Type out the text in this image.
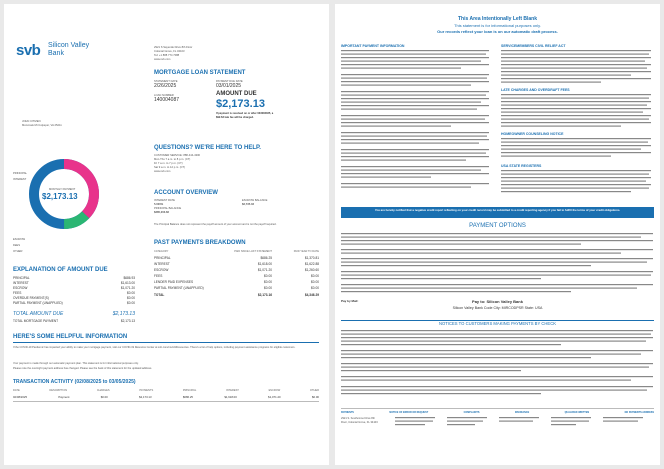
svb Silicon Valley
Bank
2921 S Sayende Drive 8th Floor
Colonial Grove, FL 34103
Tel: +1 888 774 7088
www.svb.com
MORTGAGE LOAN STATEMENT
STATEMENT DATE
2/26/2025
LOAN NUMBER
140004087
PAYMENT DUE DATE
03/01/2025
AMOUNT DUE
$2,173.13

If payment is received on or after 03/08/2025, a $92.63 late fee will be charged.

JOHN CITIZEN
Moncreek Mt Culpeper, VA 25211
QUESTIONS? WE'RE HERE TO HELP.
CUSTOMER SERVICE: 888-444-4300
Mon-Thu 7 a.m. to 8 p.m. (CT)
Fri 7 a.m. to 7 p.m. (CT)
Sat 9 a.m. to 12 p.m. (CT)
www.svb.com
MONTHLY PAYMENT
$2,173.13
PRINCIPAL
INTEREST
ESCROW
FEES
OTHER
ACCOUNT OVERVIEW
INTEREST RATE
5.000%
PRINCIPAL BALANCE
$385,203.82
ESCROW BALANCE
$2,735.03

The Principal Balance does not represent the payoff amount of your account and is not the payoff required.

EXPLANATION OF AMOUNT DUE
PRINCIPAL	$686.93
INTEREST	$1,613.00
ESCROW	$1,071.20
FEES	$0.00
OVERDUE PAYMENT(S)	$0.00
PARTIAL PAYMENT (UNAPPLIED)	$0.00
TOTAL AMOUNT DUE	$2,173.13
TOTAL MORTGAGE PAYMENT	$2,173.13
PAST PAYMENTS BREAKDOWN
CATEGORY	PAID SINCE LAST STATEMENT	PAID YEAR TO DATE
PRINCIPAL	$686.25	$1,370.81
INTEREST	$1,618.00	$1,622.88
ESCROW	$1,071.20	$1,260.60
FEES	$0.00	$0.00
LENDER PAID EXPENSES	$0.00	$0.00
PARTIAL PAYMENT (UNAPPLIED)	$0.00	$0.00
TOTAL	$2,173.16	$4,346.29
HERE'S SOME HELPFUL INFORMATION

If the COVID-19 Pandemic has impacted your ability to make your mortgage payment, visit our COVID-19 Resource Center at svb.com/covid19resources. There's a list of help options, including payment assistance programs for eligible customers.

Your payment is made through our automatic payment plan. This statement is for informational purposes only.

Please note the overnight payment address has changed. Please see the back of this statement for the updated address.

TRANSACTION ACTIVITY (02/08/2025 to 03/05/2025)
DATE	DESCRIPTION	CHARGES	PAYMENTS	PRINCIPAL	INTEREST	ESCROW	OTHER
02/08/2025	Payment	$0.00	$2,173.13	$686.25	$1,618.00	$1,071.20	$0.00
This Area Intentionally Left Blank
This statement is for informational purposes only.
Our records reflect your loan is on our automatic draft process.
IMPORTANT PAYMENT INFORMATION	SERVICEMEMBERS CIVIL RELIEF ACT
LATE CHARGES AND OVERDRAFT FEES
HOMEOWNER COUNSELING NOTICE
USA STATE REGISTERS

You are hereby notified that a negative credit report reflecting on your credit record may be submitted to a credit reporting agency if you fail to fulfill the terms of your credit obligations.

PAYMENT OPTIONS
Pay by Mail:	Pay to: Silicon Valley Bank
Silicon Valley Bank Code City: MIRCODPSR State: USA
NOTICES TO CUSTOMERS MAKING PAYMENTS BY CHECK
PAYMENTS	NOTICE OF ERROR OR REQUEST	COMPLAINTS	INSURANCE	QUALIFIED WRITTEN	NO PAYMENTS ADDRESS

2921 S. Southcome Drive 8th Floor, Colonial Grove, FL 34103
